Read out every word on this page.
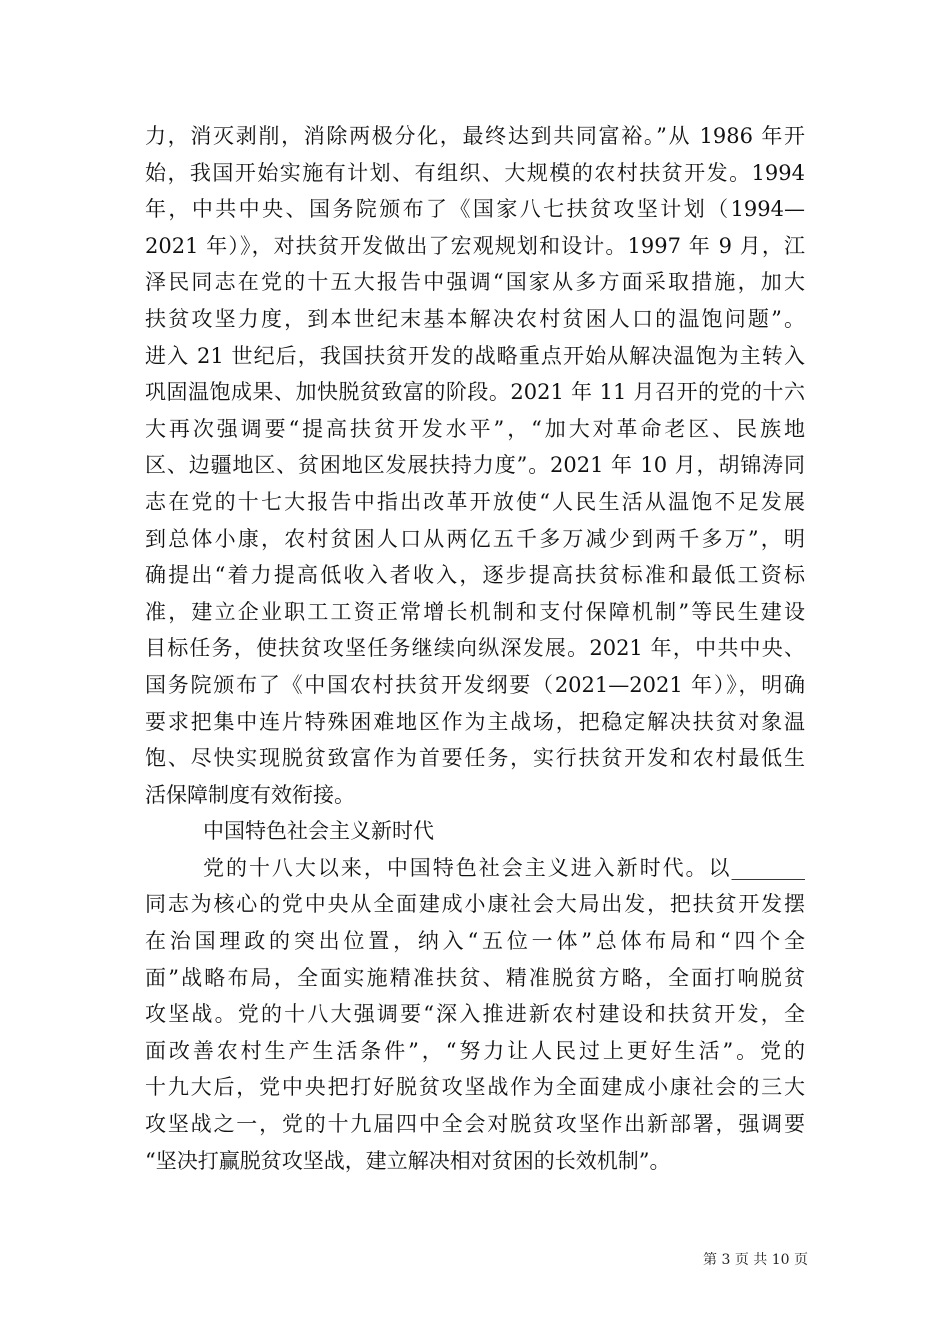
力，消灭剥削，消除两极分化，最终达到共同富裕。”从 1986 年开
始，我国开始实施有计划、有组织、大规模的农村扶贫开发。1994
年，中共中央、国务院颁布了《国家八七扶贫攻坚计划（1994—
2021 年）》，对扶贫开发做出了宏观规划和设计。1997 年 9 月，江
泽民同志在党的十五大报告中强调“国家从多方面采取措施，加大
扶贫攻坚力度，到本世纪末基本解决农村贫困人口的温饱问题”。
进入 21 世纪后，我国扶贫开发的战略重点开始从解决温饱为主转入
巩固温饱成果、加快脱贫致富的阶段。2021 年 11 月召开的党的十六
大再次强调要“提高扶贫开发水平”，“加大对革命老区、民族地
区、边疆地区、贫困地区发展扶持力度”。2021 年 10 月，胡锦涛同
志在党的十七大报告中指出改革开放使“人民生活从温饱不足发展
到总体小康，农村贫困人口从两亿五千多万减少到两千多万”，明
确提出“着力提高低收入者收入，逐步提高扶贫标准和最低工资标
准，建立企业职工工资正常增长机制和支付保障机制”等民生建设
目标任务，使扶贫攻坚任务继续向纵深发展。2021 年，中共中央、
国务院颁布了《中国农村扶贫开发纲要（2021—2021 年）》，明确
要求把集中连片特殊困难地区作为主战场，把稳定解决扶贫对象温
饱、尽快实现脱贫致富作为首要任务，实行扶贫开发和农村最低生
活保障制度有效衔接。
中国特色社会主义新时代
党的十八大以来，中国特色社会主义进入新时代。以_______
同志为核心的党中央从全面建成小康社会大局出发，把扶贫开发摆
在治国理政的突出位置，纳入“五位一体”总体布局和“四个全
面”战略布局，全面实施精准扶贫、精准脱贫方略，全面打响脱贫
攻坚战。党的十八大强调要“深入推进新农村建设和扶贫开发，全
面改善农村生产生活条件”，“努力让人民过上更好生活”。党的
十九大后，党中央把打好脱贫攻坚战作为全面建成小康社会的三大
攻坚战之一，党的十九届四中全会对脱贫攻坚作出新部署，强调要
“坚决打赢脱贫攻坚战，建立解决相对贫困的长效机制”。
第 3 页 共 10 页
